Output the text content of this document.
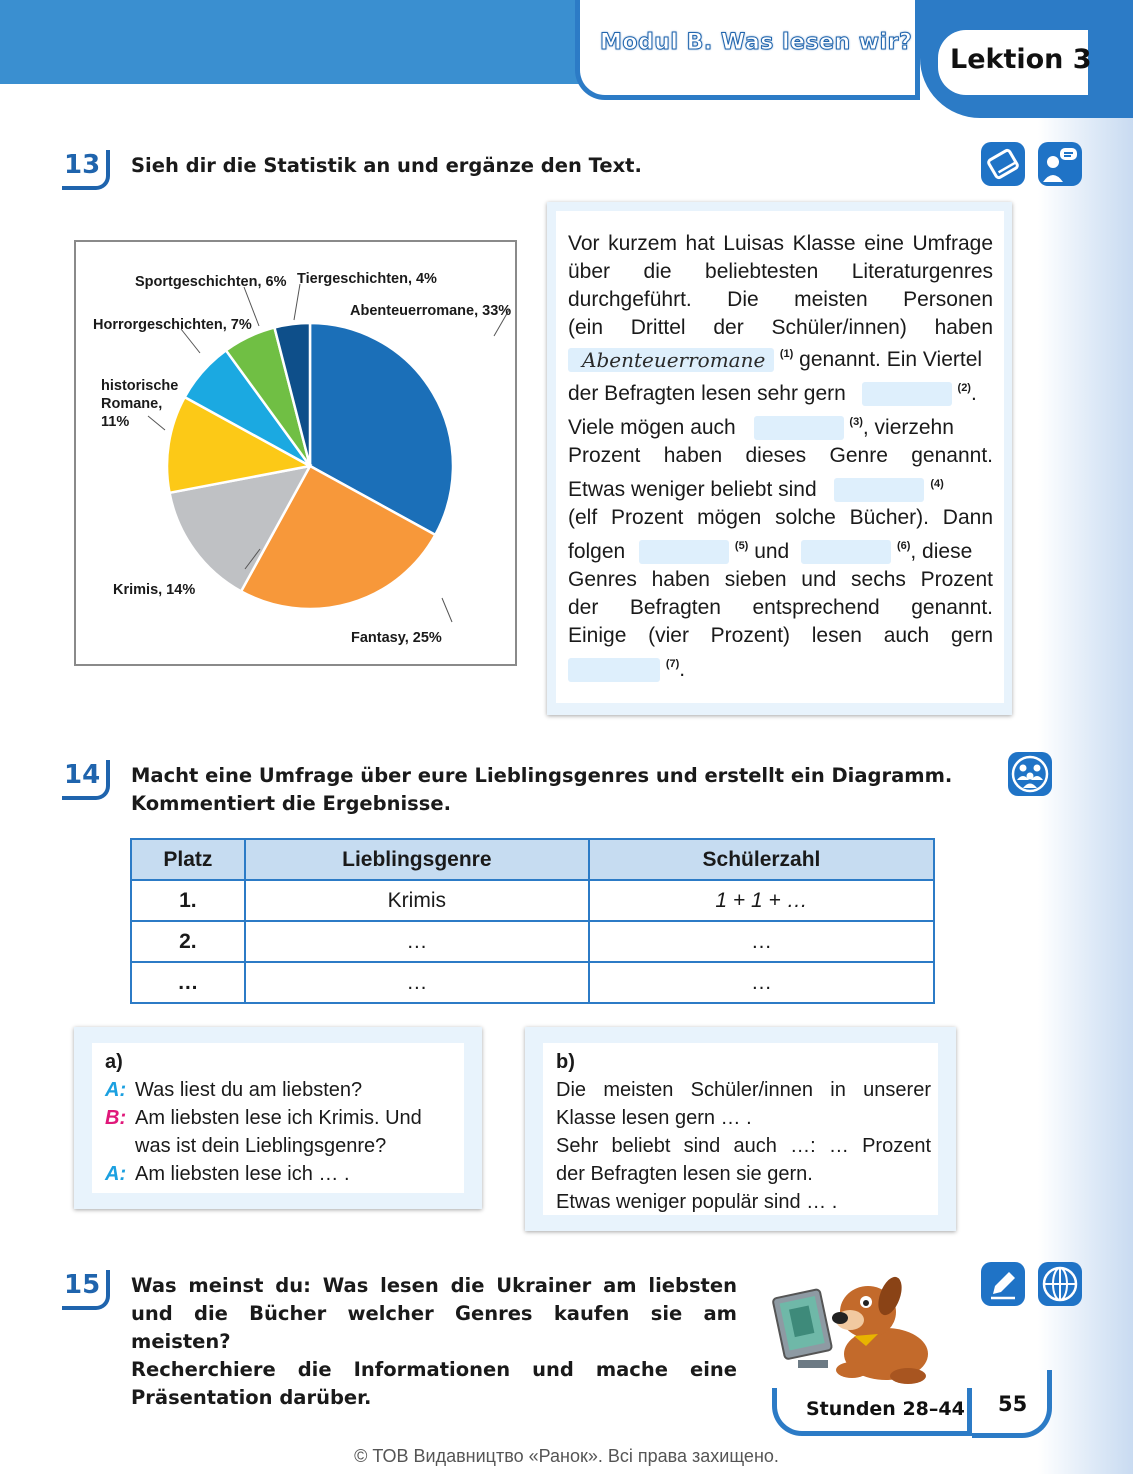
Modul B. Was lesen wir?
Lektion 3
13 Sieh dir die Statistik an und ergänze den Text.
Abenteuerromane, 33%
Fantasy, 25%
Krimis, 14%
historische
Romane,
11%
Horrorgeschichten, 7%
Sportgeschichten, 6% Tiergeschichten, 4%
Vor kurzem hat Luisas Klasse eine Umfrage
über die beliebtesten Literaturgenres
durchgeführt. Die meisten Personen
(ein Drittel der Schüler/innen) haben
Abenteuerromane $^{(1)}$ genannt. Ein Viertel
der Befragten lesen sehr gern	$^{(2)}$.
Viele mögen auch	$^{(3)}$, vierzehn
Prozent haben dieses Genre genannt.
Etwas weniger beliebt sind	$^{(4)}$
(elf Prozent mögen solche Bücher). Dann
folgen	$^{(5)}$ und	$^{(6)}$, diese
Genres haben sieben und sechs Prozent
der Befragten entsprechend genannt.
Einige (vier Prozent) lesen auch gern
$^{(7)}$.
14 Macht eine Umfrage über eure Lieblingsgenres und erstellt ein Diagramm.
Kommentiert die Ergebnisse.
Platz	Lieblingsgenre	Schülerzahl
1.	Krimis	1 + 1 + …
2.	…	…
…	…	…
a)
A: Was liest du am liebsten?
B: Am liebsten lese ich Krimis. Und
was ist dein Lieblingsgenre?
A: Am liebsten lese ich … .
b)
Die meisten Schüler/innen in unserer
Klasse lesen gern … .
Sehr beliebt sind auch …: … Prozent
der Befragten lesen sie gern.
Etwas weniger populär sind … .
15 Was meinst du: Was lesen die Ukrainer am liebsten
und die Bücher welcher Genres kaufen sie am meisten?
Recherchiere die Informationen und mache eine
Präsentation darüber.	Stunden 28–44 55
© ТОВ Видавництво «Ранок». Всі права захищено.
